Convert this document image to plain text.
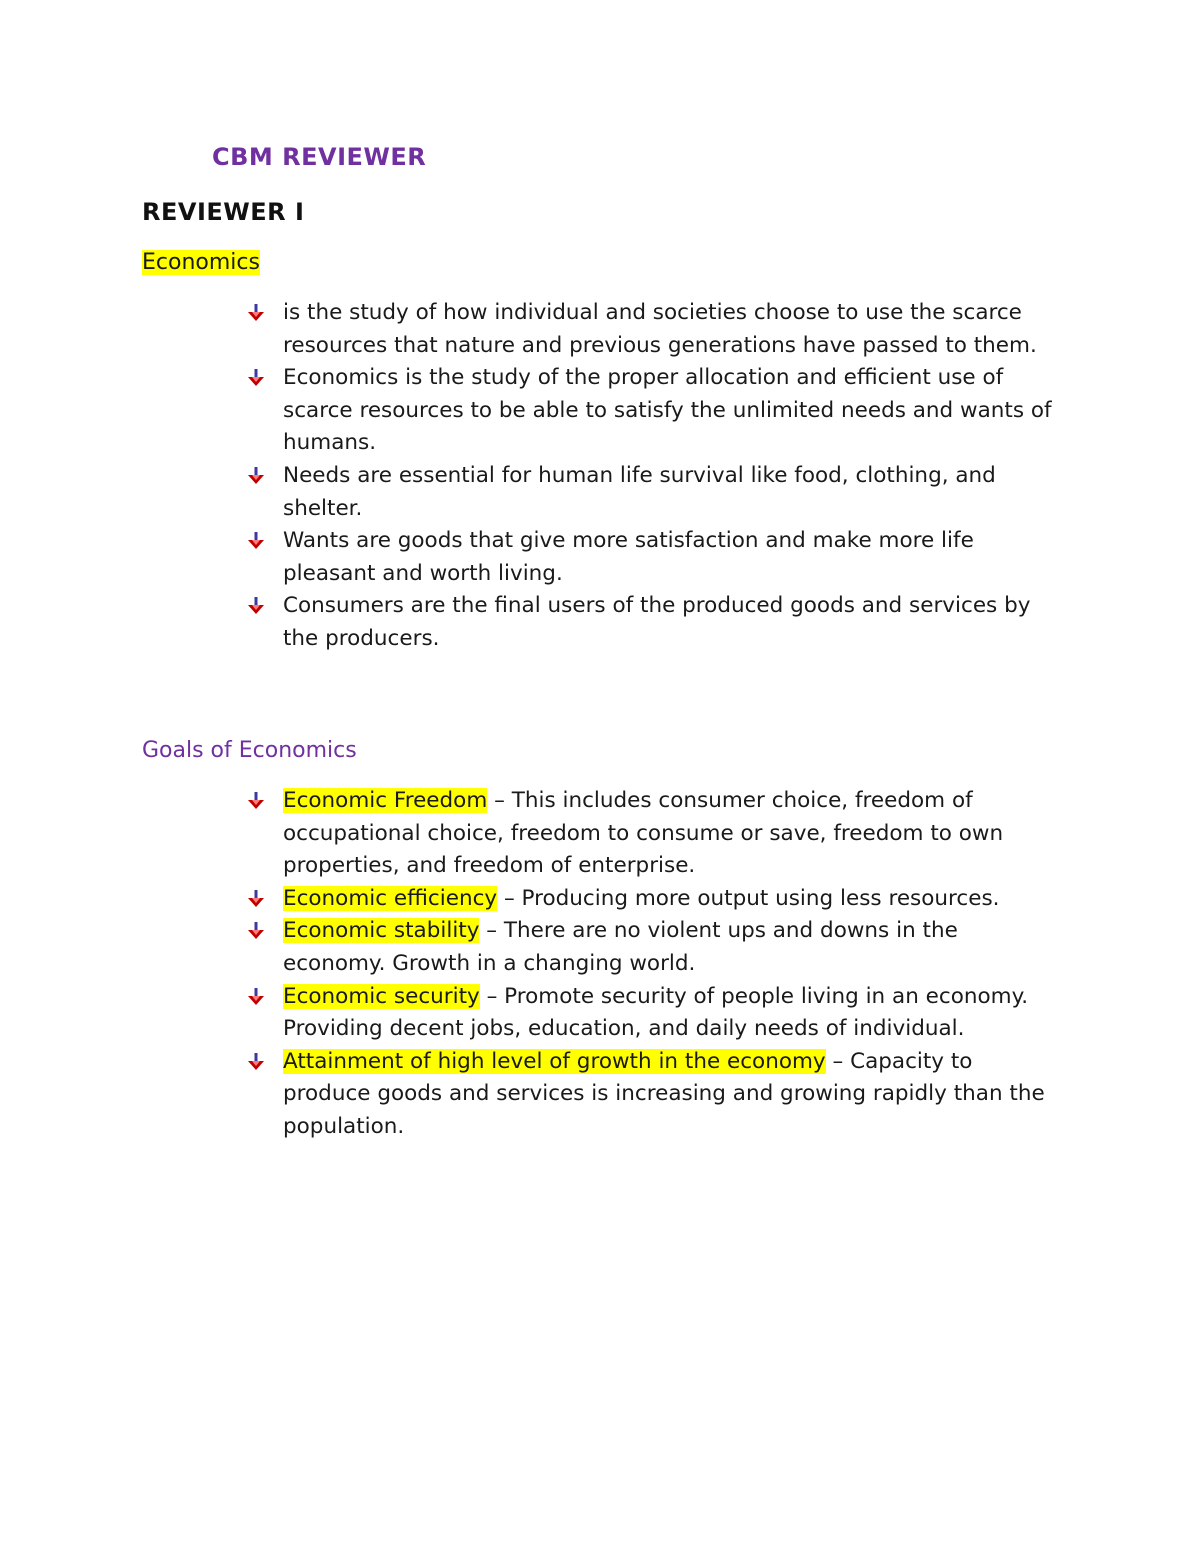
CBM REVIEWER
REVIEWER I
Economics
is the study of how individual and societies choose to use the scarce resources that nature and previous generations have passed to them.
Economics is the study of the proper allocation and efficient use of scarce resources to be able to satisfy the unlimited needs and wants of humans.
Needs are essential for human life survival like food, clothing, and shelter.
Wants are goods that give more satisfaction and make more life pleasant and worth living.
Consumers are the final users of the produced goods and services by the producers.
Goals of Economics
Economic Freedom – This includes consumer choice, freedom of occupational choice, freedom to consume or save, freedom to own properties, and freedom of enterprise.
Economic efficiency – Producing more output using less resources.
Economic stability – There are no violent ups and downs in the economy. Growth in a changing world.
Economic security – Promote security of people living in an economy. Providing decent jobs, education, and daily needs of individual.
Attainment of high level of growth in the economy – Capacity to produce goods and services is increasing and growing rapidly than the population.
